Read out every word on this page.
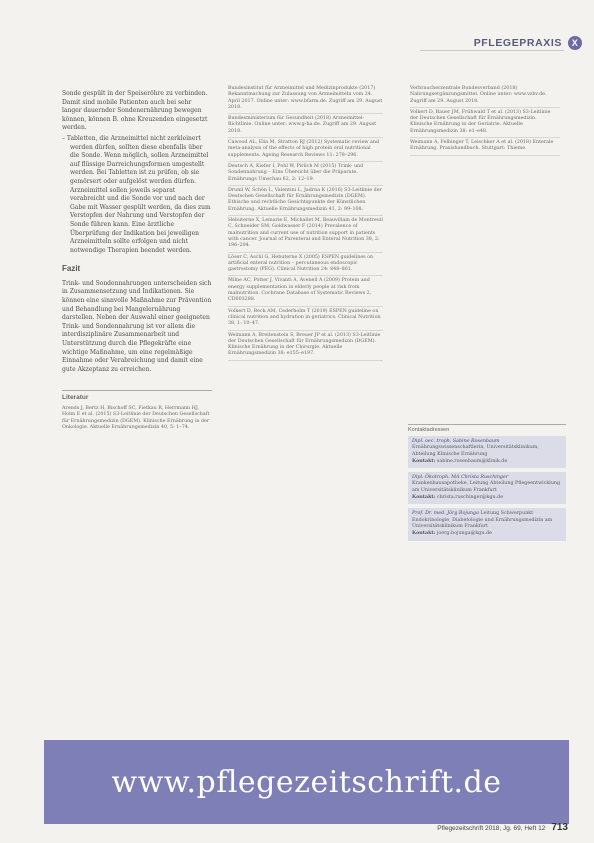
PFLEGEPRAXIS	X

Sonde gespült in der Speiseröhre zu verbinden. Damit sind mobile Patienten auch bei sehr langer dauernder Sondenernährung bewegen können, können B. ohne Kreuzenden eingesetzt werden.

– Tabletten, die Arzneimittel nicht zerkleinert werden dürfen, sollten diese ebenfalls über die Sonde. Wenn möglich, sollen Arzneimittel auf flüssige Darreichungsformen umgestellt werden. Bei Tabletten ist zu prüfen, ob sie gemörsert oder aufgelöst werden dürfen. Arzneimittel sollen jeweils separat verabreicht und die Sonde vor und nach der Gabe mit Wasser gespült werden, da dies zum Verstopfen der Nahrung und Verstopfen der Sonde führen kann. Eine ärztliche Überprüfung der Indikation bei jeweiligen Arzneimitteln sollte erfolgen und nicht notwendige Therapien beendet werden.

Fazit

Trink- und Sondennahrungen unterscheiden sich in Zusammensetzung und Indikationen. Sie können eine sinnvolle Maßnahme zur Prävention und Behandlung bei Mangelernährung darstellen. Neben der Auswahl einer geeigneten Trink- und Sondennahrung ist vor allem die interdisziplinäre Zusammenarbeit und Unterstützung durch die Pflegekräfte eine wichtige Maßnahme, um eine regelmäßige Einnahme oder Verabreichung und damit eine gute Akzeptanz zu erreichen.

Literatur
Arends J, Bertz H, Bischoff SC, Fietkau R, Herrmann HJ, Holm E et al. (2015) S3-Leitlinie der Deutschen Gesellschaft für Ernährungsmedizin (DGEM). Klinische Ernährung in der Onkologie. Aktuelle Ernährungsmedizin 40, 5: 1–74.
Bundesinstitut für Arzneimittel und Medizinprodukte (2017) Bekanntmachung zur Zulassung von Arzneimitteln vom 24. April 2017. Online unter: www.bfarm.de. Zugriff am 29. August 2018.
Bundesministerium für Gesundheit (2018) Arzneimittel-Richtlinie. Online unter: www.g-ba.de. Zugriff am 29. August 2018.
Cawood AL, Elia M, Stratton RJ (2012) Systematic review and meta-analysis of the effects of high protein oral nutritional supplements. Ageing Research Reviews 11: 278–296.
Deutsch A, Kiefer I, Pohl W, Pirlich M (2015) Trink- und Sondennahrung – Eine Übersicht über die Präparate. Ernährungs Umschau 62, 2: 12–19.
Druml W, Schön L, Valentini L, Jadrna K (2016) S3-Leitlinie der Deutschen Gesellschaft für Ernährungsmedizin (DGEM). Ethische und rechtliche Gesichtspunkte der Künstlichen Ernährung. Aktuelle Ernährungsmedizin 41, 2: 99–108.
Hebuterne X, Lemarie E, Michallet M, Beauvillain de Montreuil C, Schneider SM, Goldwasser F (2014) Prevalence of malnutrition and current use of nutrition support in patients with cancer. Journal of Parenteral and Enteral Nutrition 38, 2: 196–204.
Löser C, Aschl G, Hebuterne X (2005) ESPEN guidelines on artificial enteral nutrition – percutaneous endoscopic gastrostomy (PEG). Clinical Nutrition 24: 848–861.
Milne AC, Potter J, Vivanti A, Avenell A (2009) Protein and energy supplementation in elderly people at risk from malnutrition. Cochrane Database of Systematic Reviews 2, CD003288.
Volkert D, Beck AM, Cederholm T (2019) ESPEN guideline on clinical nutrition and hydration in geriatrics. Clinical Nutrition 38, 1: 10–47.
Weimann A, Breitenstein S, Breuer JP et al. (2013) S3-Leitlinie der Deutschen Gesellschaft für Ernährungsmedizin (DGEM). Klinische Ernährung in der Chirurgie. Aktuelle Ernährungsmedizin 38: e155–e197.
Verbraucherzentrale Bundesverband (2018) Nahrungsergänzungsmittel. Online unter: www.vzbv.de. Zugriff am 29. August 2018.
Volkert D, Bauer JM, Frühwald T et al. (2013) S3-Leitlinie der Deutschen Gesellschaft für Ernährungsmedizin. Klinische Ernährung in der Geriatrie. Aktuelle Ernährungsmedizin 38: e1–e48.
Weimann A, Felbinger T, Leischker A et al. (2018) Enterale Ernährung. Praxishandbuch. Stuttgart: Thieme.
Kontaktadressen
Dipl. oec. troph. Sabine Rosenbaum Ernährungswissenschaftlerin, Universitätsklinikum, Abteilung Klinische Ernährung
Kontakt: sabine.rosenbaum@klinik.de
Dipl. Ökotroph. MA Christa Ruschinger Krankenhausapotheke, Leitung Abteilung Pflegeentwicklung am Universitätsklinikum Frankfurt
Kontakt: christa.ruschinger@kgu.de
Prof. Dr. med. Jörg Bojunga Leitung Schwerpunkt Endokrinologie, Diabetologie und Ernährungsmedizin am Universitätsklinikum Frankfurt
Kontakt: joerg.bojunga@kgu.de
www.pflegezeitschrift.de
Pflegezeitschrift 2018, Jg. 69, Heft 12 713
